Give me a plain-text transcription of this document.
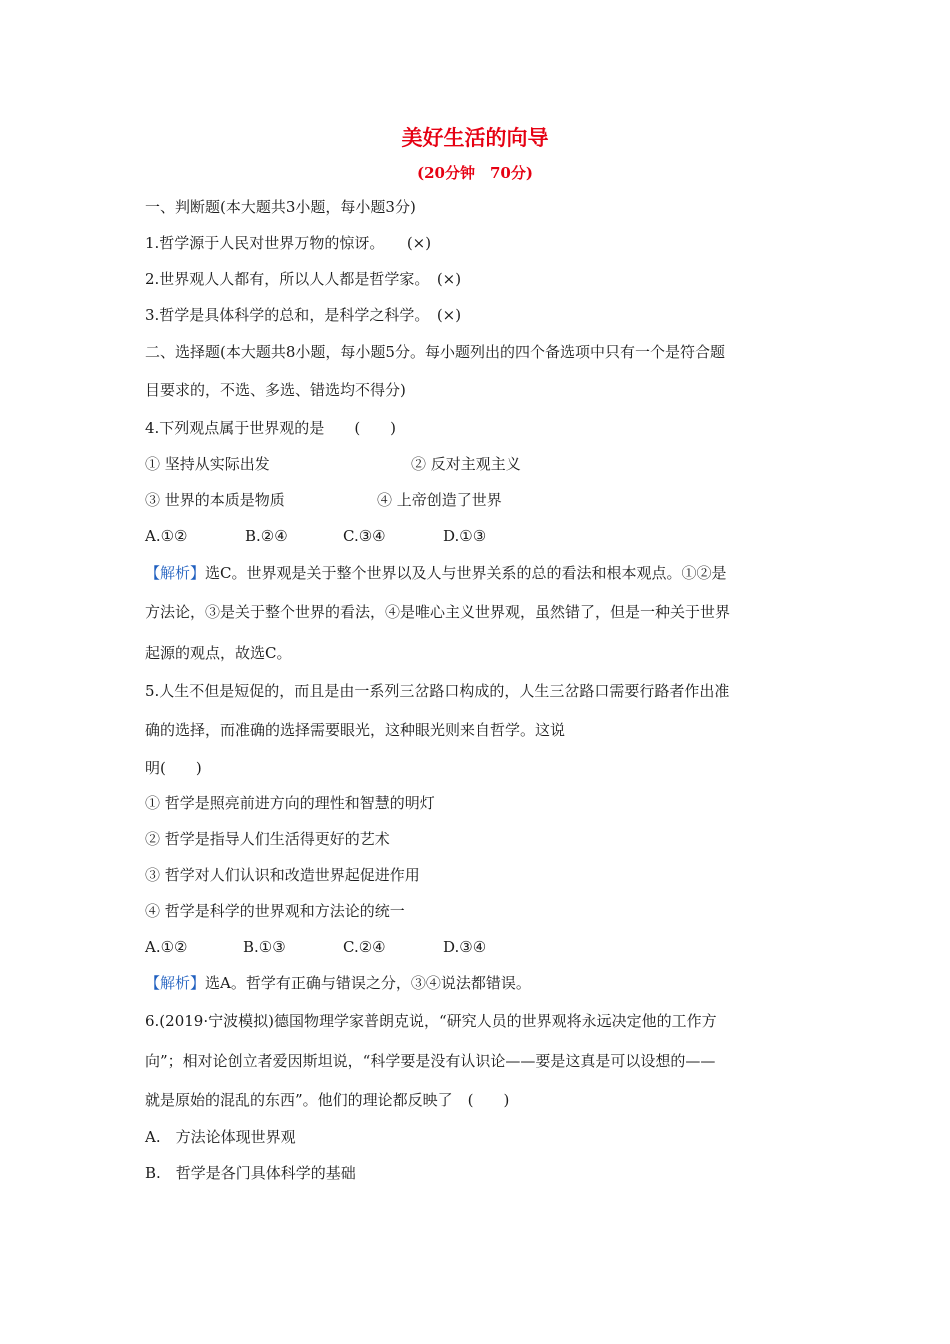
美好生活的向导
(20分钟　70分)
一、判断题(本大题共3小题，每小题3分)
1.哲学源于人民对世界万物的惊讶。　　(×)
2.世界观人人都有，所以人人都是哲学家。　(×)
3.哲学是具体科学的总和，是科学之科学。　(×)
二、选择题(本大题共8小题，每小题5分。每小题列出的四个备选项中只有一个是符合题
目要求的，不选、多选、错选均不得分)
4.下列观点属于世界观的是　　(　　)
① 坚持从实际出发	② 反对主观主义
③ 世界的本质是物质	④ 上帝创造了世界
A.①②	B.②④	C.③④	D.①③
【解析】选C。世界观是关于整个世界以及人与世界关系的总的看法和根本观点。①②是
方法论，③是关于整个世界的看法，④是唯心主义世界观，虽然错了，但是一种关于世界
起源的观点，故选C。
5.人生不但是短促的，而且是由一系列三岔路口构成的，人生三岔路口需要行路者作出准
确的选择，而准确的选择需要眼光，这种眼光则来自哲学。这说
明(　　)
① 哲学是照亮前进方向的理性和智慧的明灯
② 哲学是指导人们生活得更好的艺术
③ 哲学对人们认识和改造世界起促进作用
④ 哲学是科学的世界观和方法论的统一
A.①②	B.①③	C.②④	D.③④
【解析】选A。哲学有正确与错误之分，③④说法都错误。
6.(2019·宁波模拟)德国物理学家普朗克说，“研究人员的世界观将永远决定他的工作方
向”；相对论创立者爱因斯坦说，“科学要是没有认识论——要是这真是可以设想的——
就是原始的混乱的东西”。他们的理论都反映了　(　　)
A.　方法论体现世界观
B.　哲学是各门具体科学的基础
